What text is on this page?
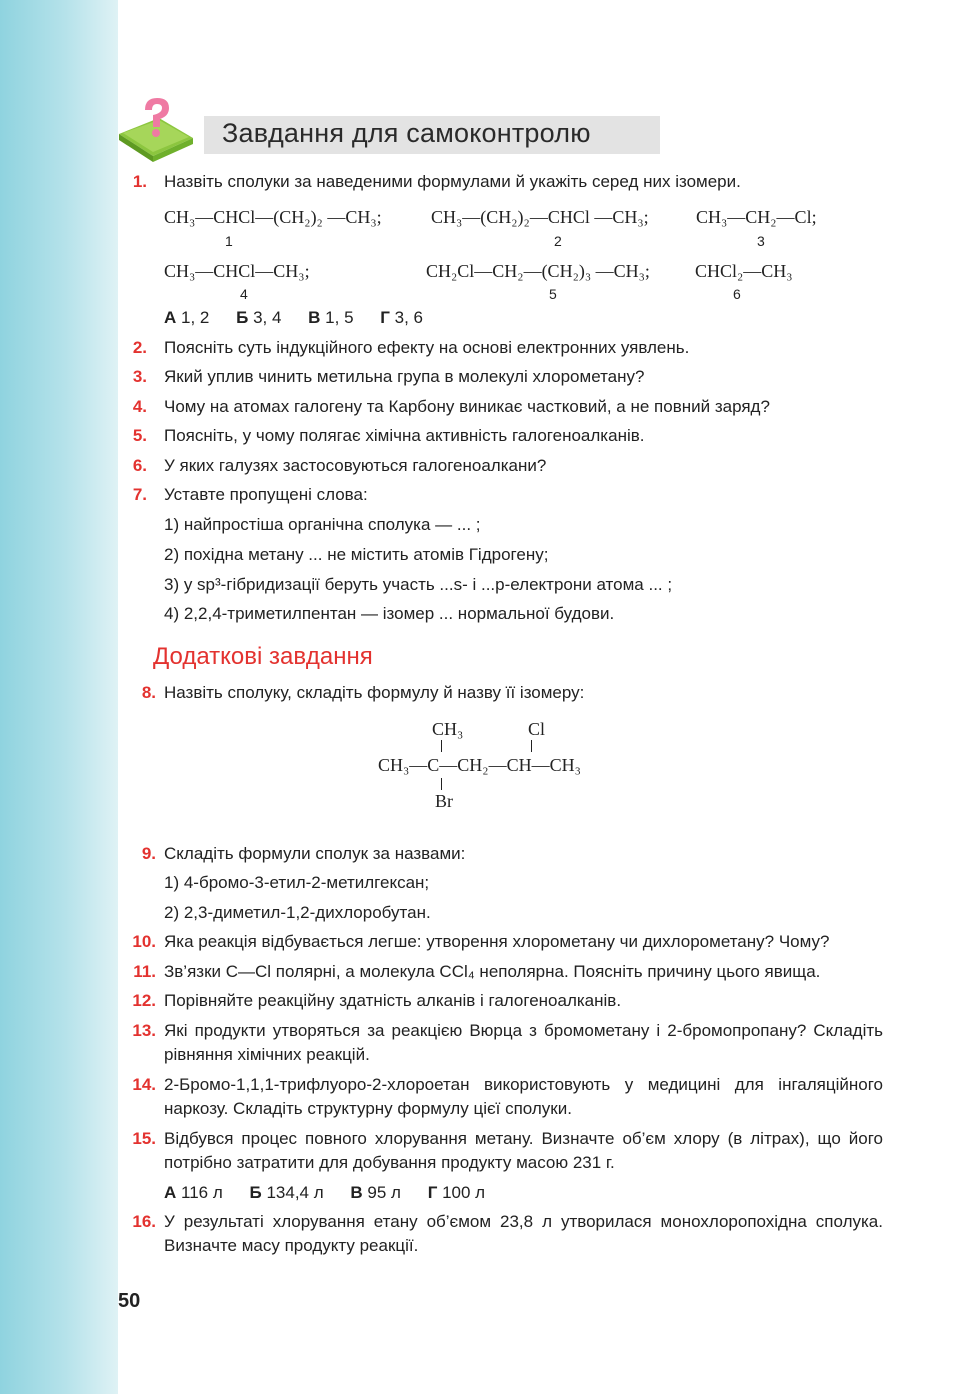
Завдання для самоконтролю
1. Назвіть сполуки за наведеними формулами й укажіть серед них ізомери.
CH₃—CHCl—(CH₂)₂ —CH₃;
1
CH₃—(CH₂)₂—CHCl —CH₃;
2
CH₃—CH₂—Cl;
3
CH₃—CHCl—CH₃;
4
CH₂Cl—CH₂—(CH₂)₃ —CH₃;
5
CHCl₂—CH₃
6
А 1, 2 Б 3, 4 В 1, 5 Г 3, 6
2. Поясніть суть індукційного ефекту на основі електронних уявлень.
3. Який уплив чинить метильна група в молекулі хлорометану?
4. Чому на атомах галогену та Карбону виникає частковий, а не повний заряд?
5. Поясніть, у чому полягає хімічна активність галогеноалканів.
6. У яких галузях застосовуються галогеноалкани?
7. Уставте пропущені слова:
1) найпростіша органічна сполука — ... ;
2) похідна метану ... не містить атомів Гідрогену;
3) у sp³-гібридизації беруть участь ...s- і ...p-електрони атома ... ;
4) 2,2,4-триметилпентан — ізомер ... нормальної будови.
Додаткові завдання
8. Назвіть сполуку, складіть формулу й назву її ізомеру:
CH₃	Cl
CH₃—C—CH₂—CH—CH₃
Br
9. Складіть формули сполук за назвами:
1) 4-бромо-3-етил-2-метилгексан;
2) 2,3-диметил-1,2-дихлоробутан.
10. Яка реакція відбувається легше: утворення хлорометану чи дихлорометану? Чому?
11. Зв’язки C—Cl полярні, а молекула CCl₄ неполярна. Поясніть причину цього явища.
12. Порівняйте реакційну здатність алканів і галогеноалканів.
13. Які продукти утворяться за реакцією Вюрца з бромометану і 2-бромопропану? Складіть рівняння хімічних реакцій.
14. 2-Бромо-1,1,1-трифлуоро-2-хлороетан використовують у медицині для інгаляційного наркозу. Складіть структурну формулу цієї сполуки.
15. Відбувся процес повного хлорування метану. Визначте об’єм хлору (в літрах), що його потрібно затратити для добування продукту масою 231 г.
А 116 л Б 134,4 л В 95 л Г 100 л
16. У результаті хлорування етану об’ємом 23,8 л утворилася монохлоропохідна сполука. Визначте масу продукту реакції.
50
